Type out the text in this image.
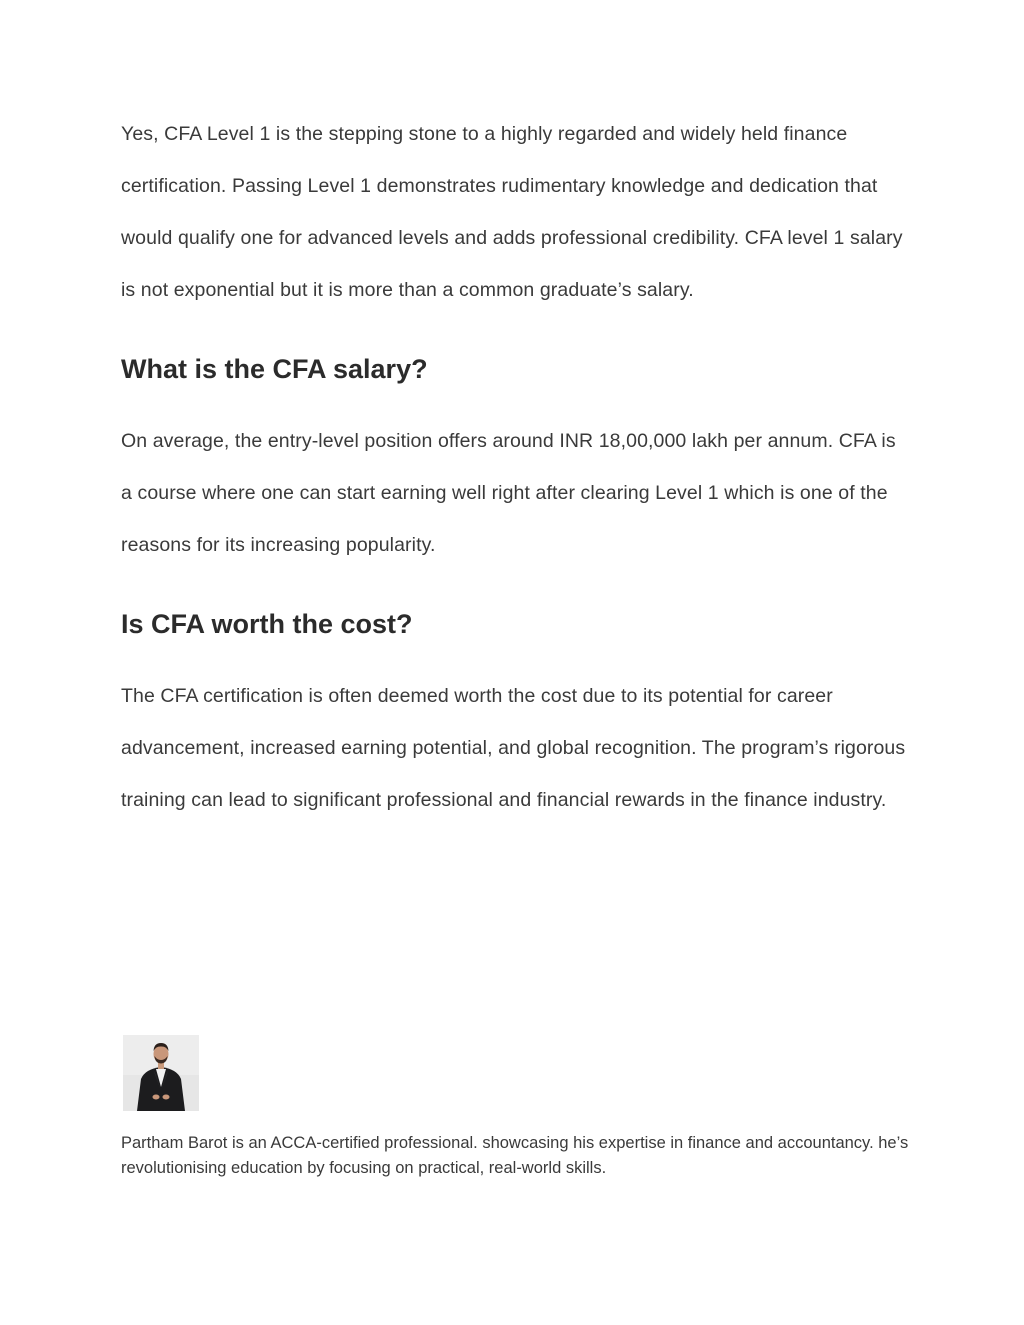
Yes, CFA Level 1 is the stepping stone to a highly regarded and widely held finance certification. Passing Level 1 demonstrates rudimentary knowledge and dedication that would qualify one for advanced levels and adds professional credibility. CFA level 1 salary is not exponential but it is more than a common graduate’s salary.

What is the CFA salary?

On average, the entry-level position offers around INR 18,00,000 lakh per annum. CFA is a course where one can start earning well right after clearing Level 1 which is one of the reasons for its increasing popularity.

Is CFA worth the cost?

The CFA certification is often deemed worth the cost due to its potential for career advancement, increased earning potential, and global recognition. The program’s rigorous training can lead to significant professional and financial rewards in the finance industry.

Partham Barot is an ACCA-certified professional. showcasing his expertise in finance and accountancy. he’s revolutionising education by focusing on practical, real-world skills.
